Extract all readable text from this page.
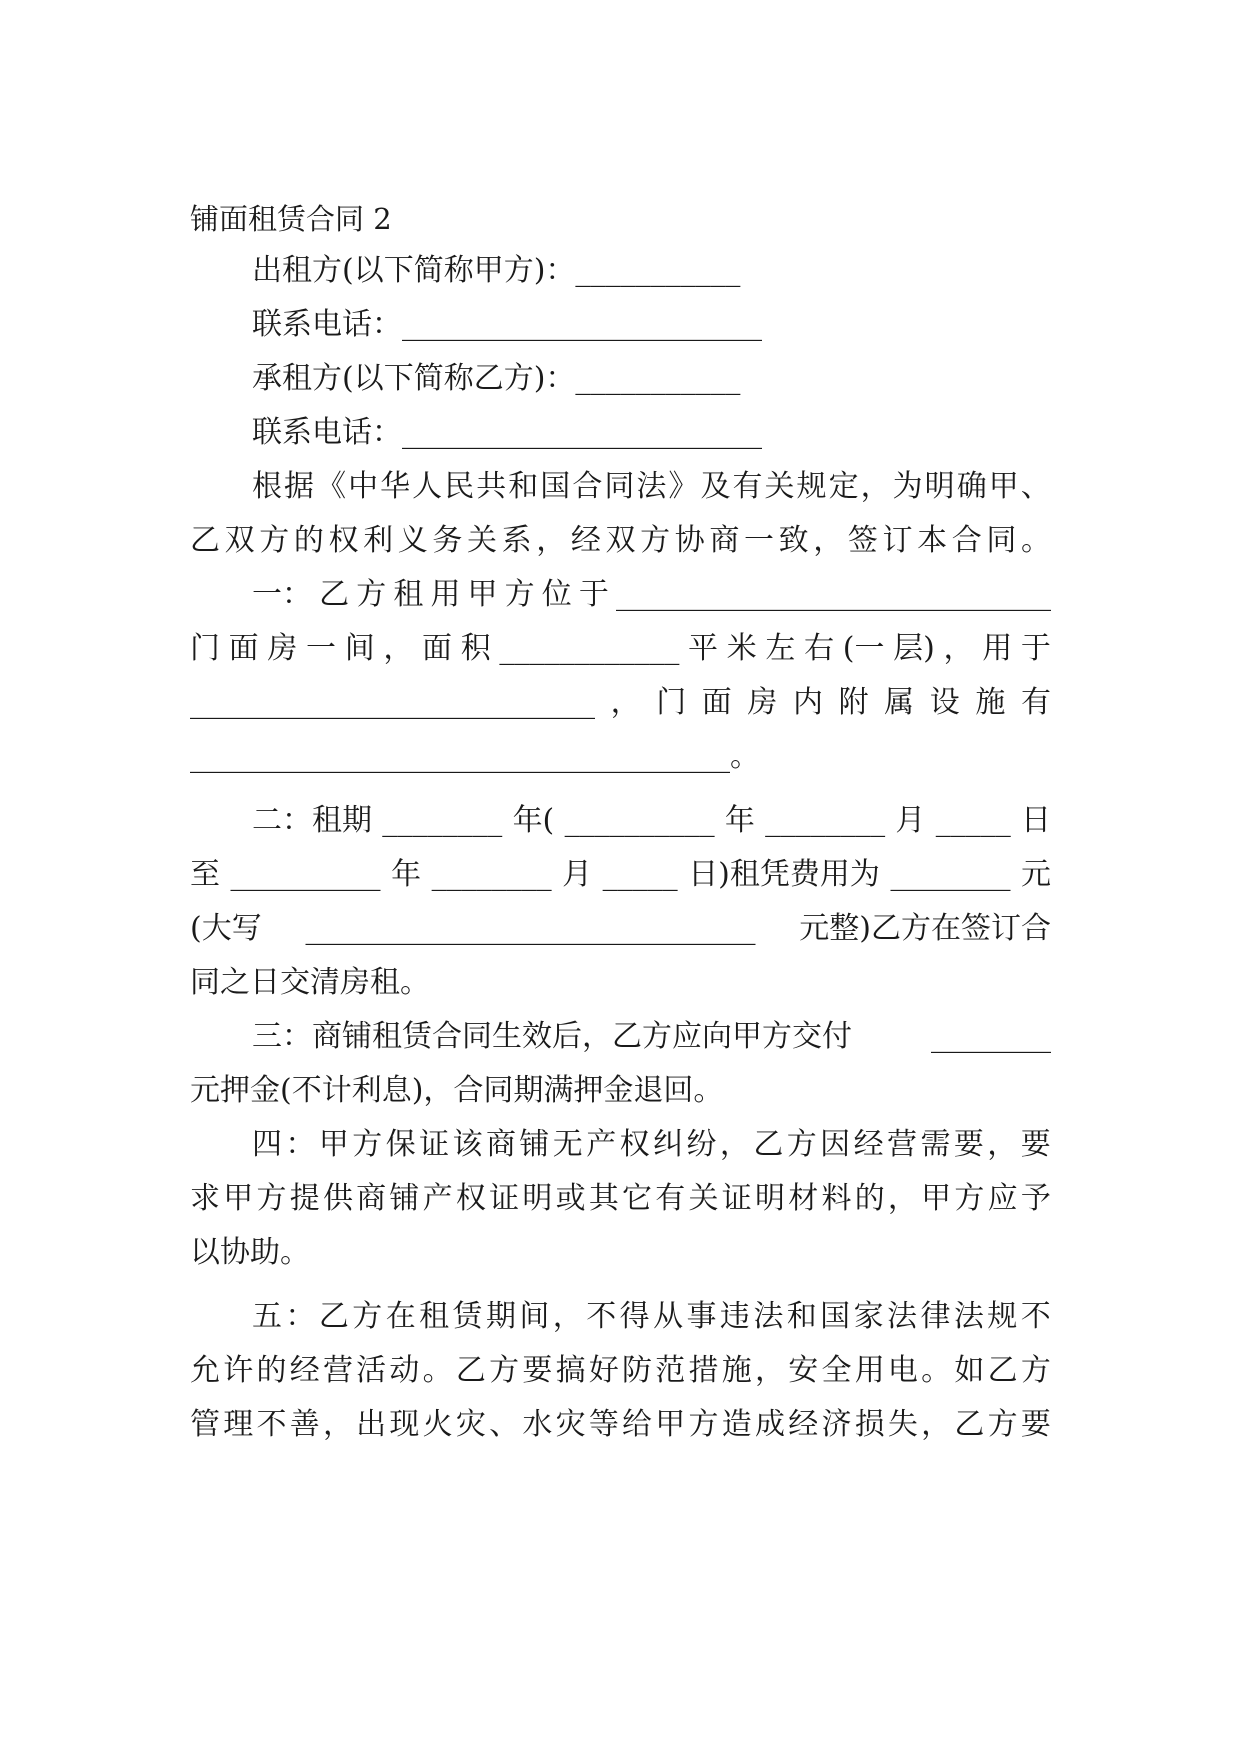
铺面租赁合同 2
出租方(以下简称甲方)：___________
联系电话：________________________
承租方(以下简称乙方)：___________
联系电话：________________________
根 据 《 中 华 人 民 共 和 国 合 同 法 》 及 有 关 规 定 ， 为 明 确 甲 、
乙 双 方 的 权 利 义 务 关 系 ， 经 双 方 协 商 一 致 ， 签 订 本 合 同 。
一： 乙 方 租 用 甲 方 位 于 _____________________________
门 面 房 一 间 ， 面 积 ____________ 平 米 左 右 (一 层) ， 用 于
___________________________ ， 门 面 房 内 附 属 设 施 有
____________________________________。
二：租期 ________ 年( __________ 年 ________ 月 _____ 日
至 __________ 年 ________ 月 _____ 日)租凭费用为 ________ 元
(大写 ______________________________ 元整)乙方在签订合
同之日交清房租。
三：商铺租赁合同生效后，乙方应向甲方交付	________
元押金(不计利息)，合同期满押金退回。
四 ： 甲 方 保 证 该 商 铺 无 产 权 纠 纷 ， 乙 方 因 经 营 需 要 ， 要
求 甲 方 提 供 商 铺 产 权 证 明 或 其 它 有 关 证 明 材 料 的 ， 甲 方 应 予
以协助。
五 ： 乙 方 在 租 赁 期 间 ， 不 得 从 事 违 法 和 国 家 法 律 法 规 不
允 许 的 经 营 活 动 。 乙 方 要 搞 好 防 范 措 施 ， 安 全 用 电 。 如 乙 方
管 理 不 善 ， 出 现 火 灾 、 水 灾 等 给 甲 方 造 成 经 济 损 失 ， 乙 方 要
